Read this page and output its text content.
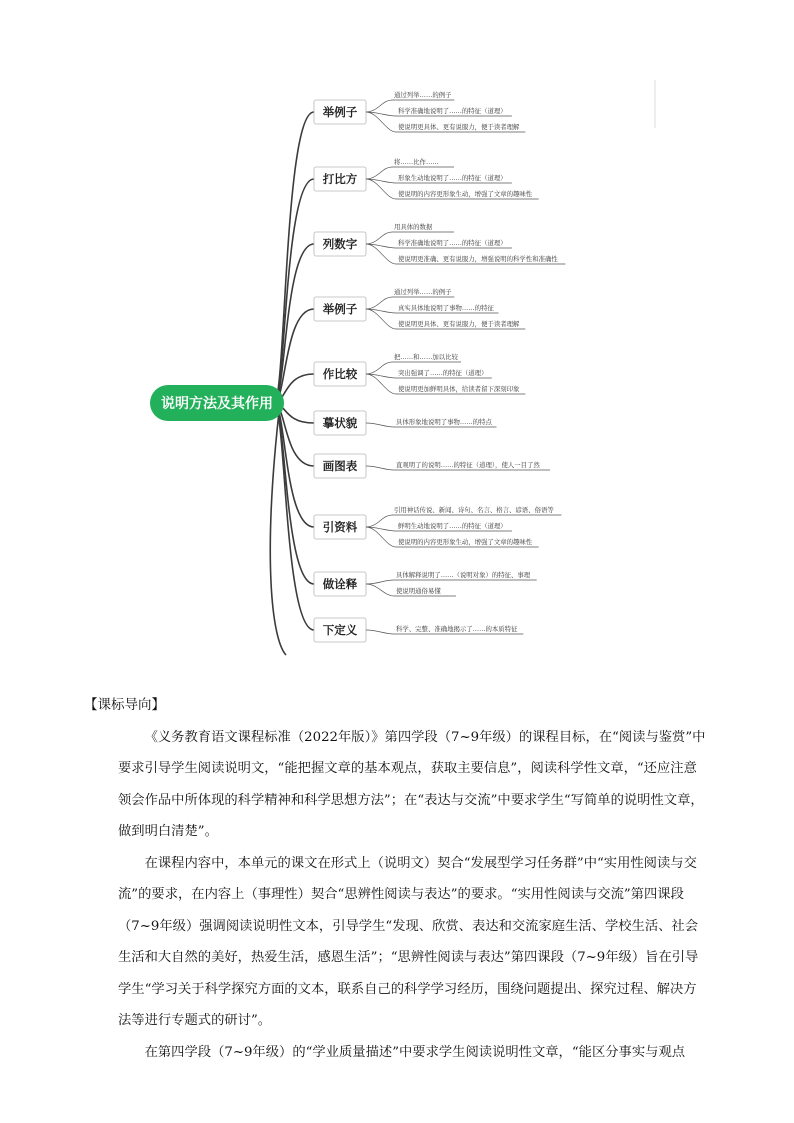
举例子
通过列举……的例子
科学准确地说明了……的特征（道理）
使说明更具体、更有说服力，便于读者理解
打比方
将……比作……
形象生动地说明了……的特征（道理）
使说明的内容更形象生动，增强了文章的趣味性
列数字
用具体的数据
科学准确地说明了……的特征（道理）
使说明更准确、更有说服力，增强说明的科学性和准确性
举例子
通过列举……的例子
真实具体地说明了事物……的特征
使说明更具体、更有说服力，便于读者理解
作比较
把……和……加以比较
突出强调了……的特征（道理）
使说明更加鲜明具体，给读者留下深刻印象
摹状貌	具体形象地说明了事物……的特点
画图表	直观明了的说明……的特征（道理），使人一目了然
引资料
引用神话传说、新闻、诗句、名言、格言、谚语、俗语等
鲜明生动地说明了……的特征（道理）
使说明的内容更形象生动，增强了文章的趣味性
做诠释
具体解释说明了……（说明对象）的特征、事理
使说明通俗易懂
下定义	科学、完整、准确地揭示了……的本质特征
说明方法及其作用

【课标导向】

《义务教育语文课程标准（2022年版）》第四学段（7~9年级）的课程目标，在“阅读与鉴赏”中要求引导学生阅读说明文，“能把握文章的基本观点，获取主要信息”，阅读科学性文章，“还应注意领会作品中所体现的科学精神和科学思想方法”；在“表达与交流”中要求学生“写简单的说明性文章，做到明白清楚”。

在课程内容中，本单元的课文在形式上（说明文）契合“发展型学习任务群”中“实用性阅读与交流”的要求，在内容上（事理性）契合“思辨性阅读与表达”的要求。“实用性阅读与交流”第四课段（7~9年级）强调阅读说明性文本，引导学生“发现、欣赏、表达和交流家庭生活、学校生活、社会生活和大自然的美好，热爱生活，感恩生活”；“思辨性阅读与表达”第四课段（7~9年级）旨在引导学生“学习关于科学探究方面的文本，联系自己的科学学习经历，围绕问题提出、探究过程、解决方法等进行专题式的研讨”。

在第四学段（7~9年级）的“学业质量描述”中要求学生阅读说明性文章，“能区分事实与观点
